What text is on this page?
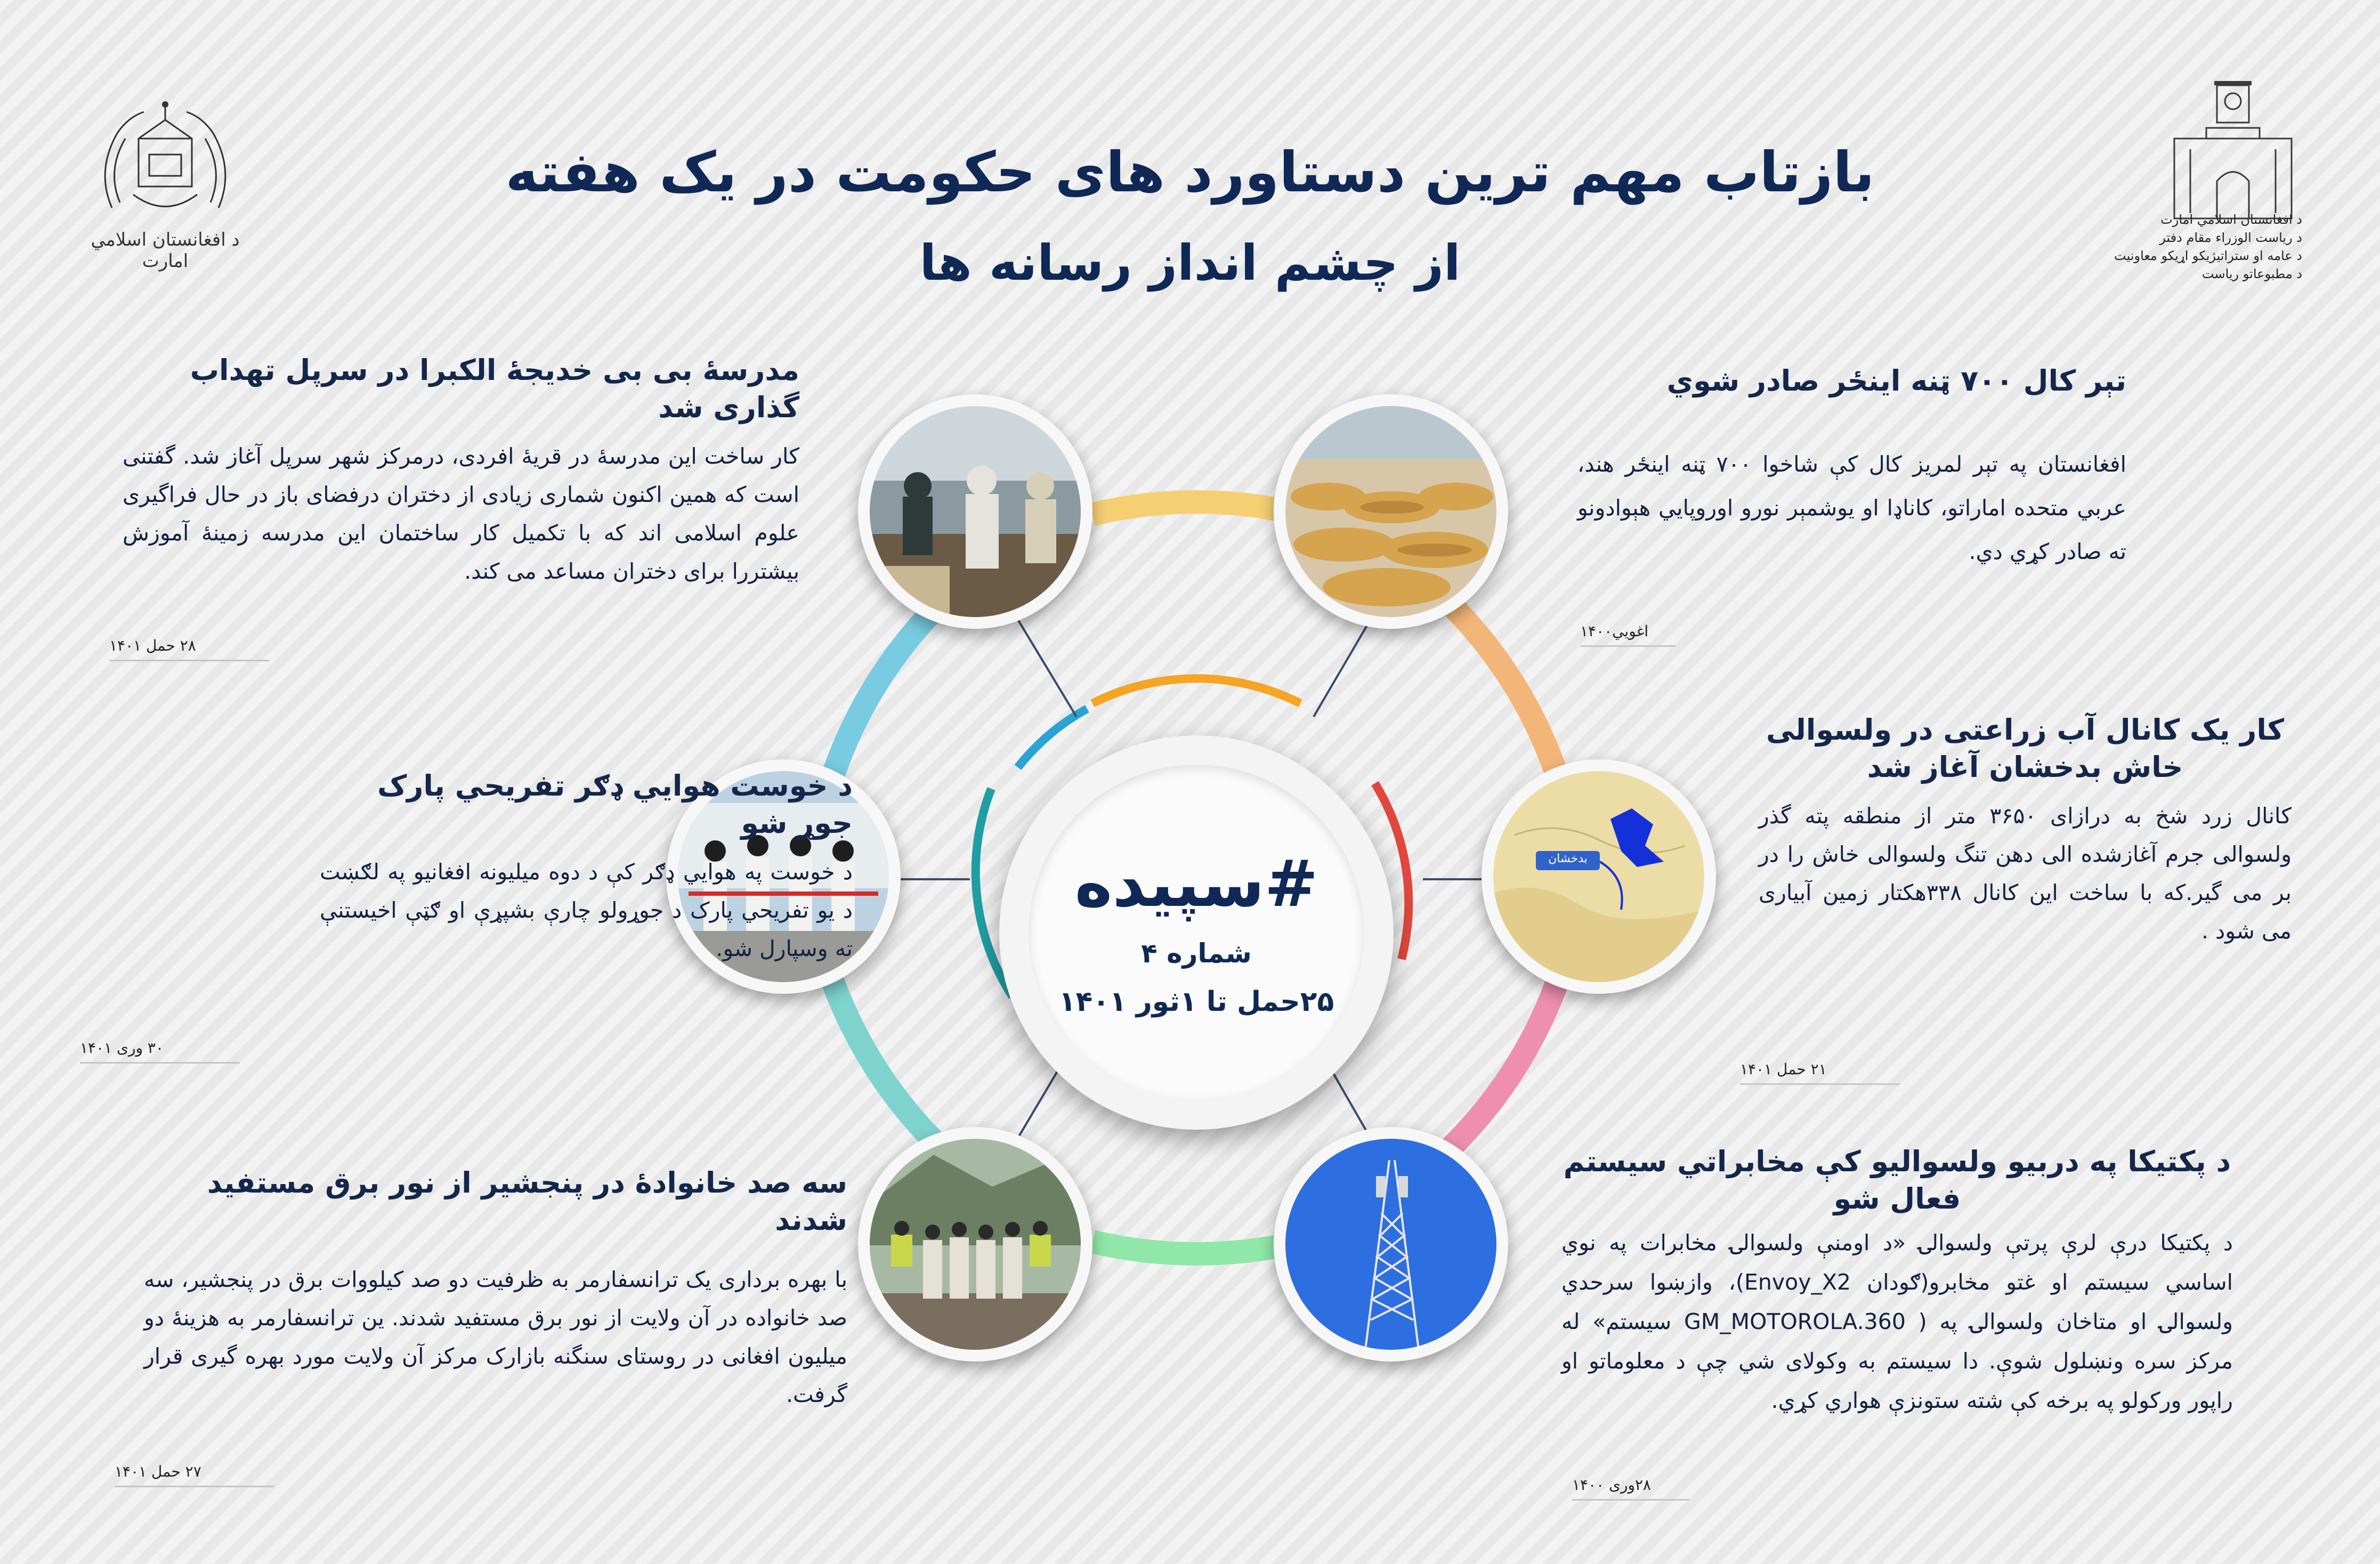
بازتاب مهم ترین دستاورد های حکومت در یک هفته
از چشم انداز رسانه ها
د افغانستان اسلامي امارت
د افغانستان اسلامي امارت
د رياست الوزراء مقام دفتر
د عامه او ستراتيژيکو اړيکو معاونيت
د مطبوعاتو رياست
بدخشان
#سپیده
شماره ۴
۲۵حمل تا ۱ثور ۱۴۰۱
مدرسهٔ بی بی خدیجهٔ الکبرا در سرپل تهداب گذاری شد
کار ساخت این مدرسهٔ در قریهٔ افردی، درمرکز شهر سرپل آغاز شد. گفتنی است که همین اکنون شماری زیادی از دختران درفضای باز در حال فراگیری علوم اسلامی اند که با تکمیل کار ساختمان این مدرسه زمینهٔ آموزش بیشتررا برای دختران مساعد می کند.
۲۸ حمل ۱۴۰۱
تېر کال ۷۰۰ ټنه اينځر صادر شوي
افغانستان په تېر لمريز کال کې شاخوا ۷۰۰ ټنه اينځر هند، عربي متحده اماراتو، کاناډا او يوشمېر نورو اوروپايي هېوادونو ته صادر کړي دي.
اغويي۱۴۰۰
د خوست هوايي ډګر تفريحي پارک جوړ شو
د خوست په هوايي ډګر کې د دوه ميليونه افغانيو په لګښت د يو تفريحي پارک د جوړولو چارې بشپړې او ګټې اخيستنې ته وسپارل شو.
۳۰ وری ۱۴۰۱
کار یک کانال آب زراعتی در ولسوالی خاش بدخشان آغاز شد
کانال زرد شخ به درازای ۳۶۵۰ متر از منطقه پته گذر ولسوالی جرم آغازشده الی دهن تنگ ولسوالی خاش را در بر می گیر.که با ساخت این کانال ۳۳۸هکتار زمین آبیاری می شود .
۲۱ حمل ۱۴۰۱
سه صد خانوادهٔ در پنجشیر از نور برق مستفید شدند
با بهره برداری یک ترانسفارمر به ظرفیت دو صد کیلووات برق در پنجشیر، سه صد خانواده در آن ولایت از نور برق مستفید شدند. ین ترانسفارمر به هزینهٔ دو میلیون افغانی در روستای سنگنه بازارک مرکز آن ولایت مورد بهره گیری قرار گرفت.
۲۷ حمل ۱۴۰۱
د پکتيکا په دربيو ولسواليو کې مخابراتي سيستم فعال شو
د پکتيکا درې لرې پرتې ولسوالۍ «د اومنې ولسوالۍ مخابرات په نوي اساسي سيستم او غتو مخابرو(ګودان Envoy_X2)، وازښوا سرحدي ولسوالۍ او متاخان ولسوالۍ په ( GM_MOTOROLA.360 سيستم» له مرکز سره ونښلول شوې. دا سيستم به وکولای شي چې د معلوماتو او راپور ورکولو په برخه کې شته ستونزې هواري کړي.
۲۸وری ۱۴۰۰
